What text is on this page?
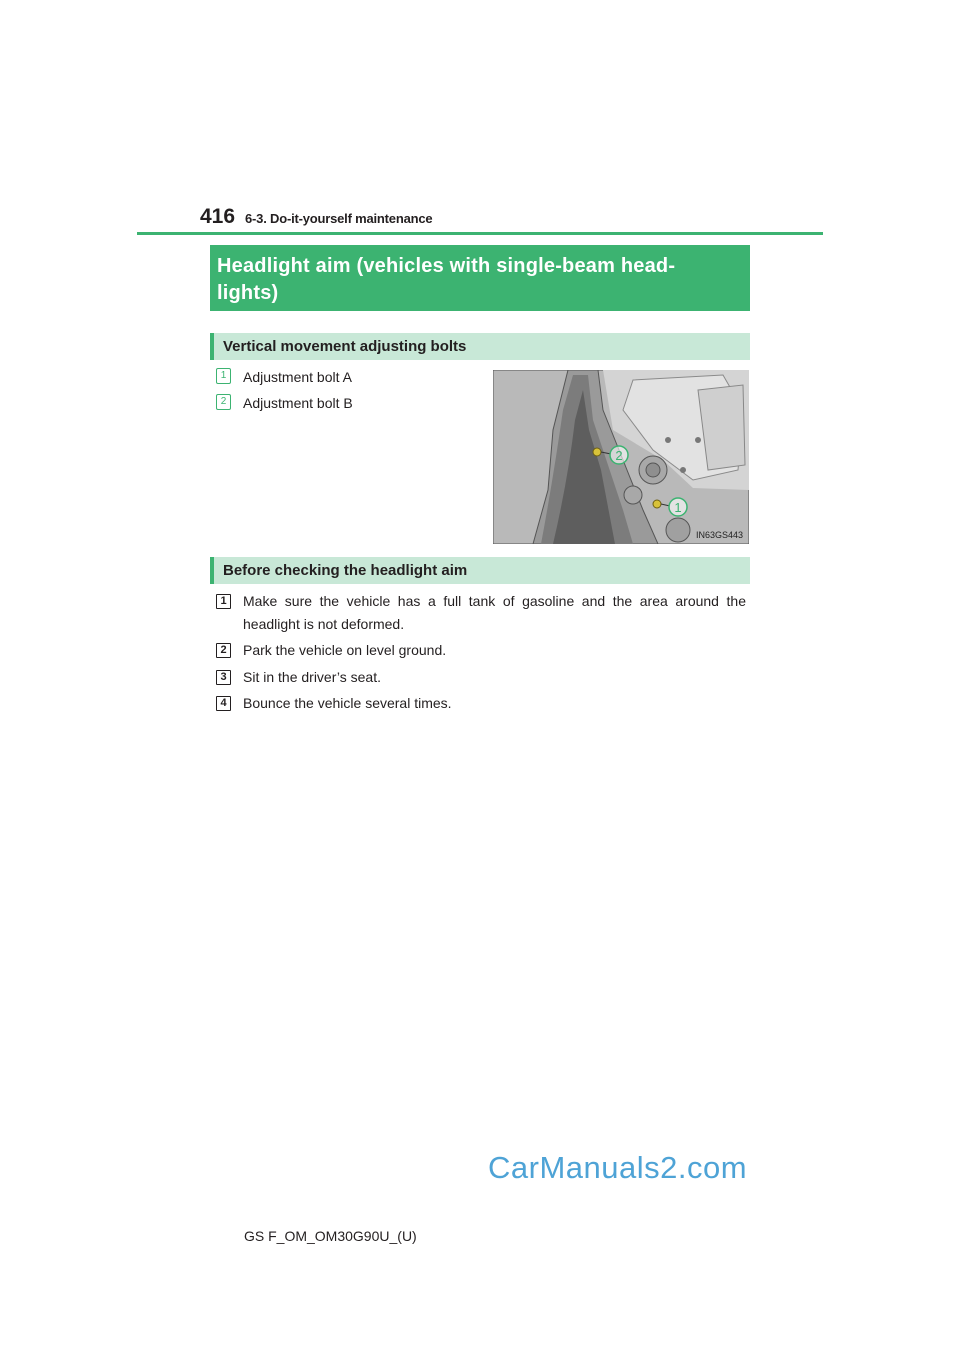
416 6-3. Do-it-yourself maintenance
Headlight aim (vehicles with single-beam head-
lights)
Vertical movement adjusting bolts
1	Adjustment bolt A
2	Adjustment bolt B
2
1
IN63GS443
Before checking the headlight aim
1	Make sure the vehicle has a full tank of gasoline and the area around the
headlight is not deformed.
2	Park the vehicle on level ground.
3	Sit in the driver’s seat.
4	Bounce the vehicle several times.
CarManuals2.com
GS F_OM_OM30G90U_(U)
